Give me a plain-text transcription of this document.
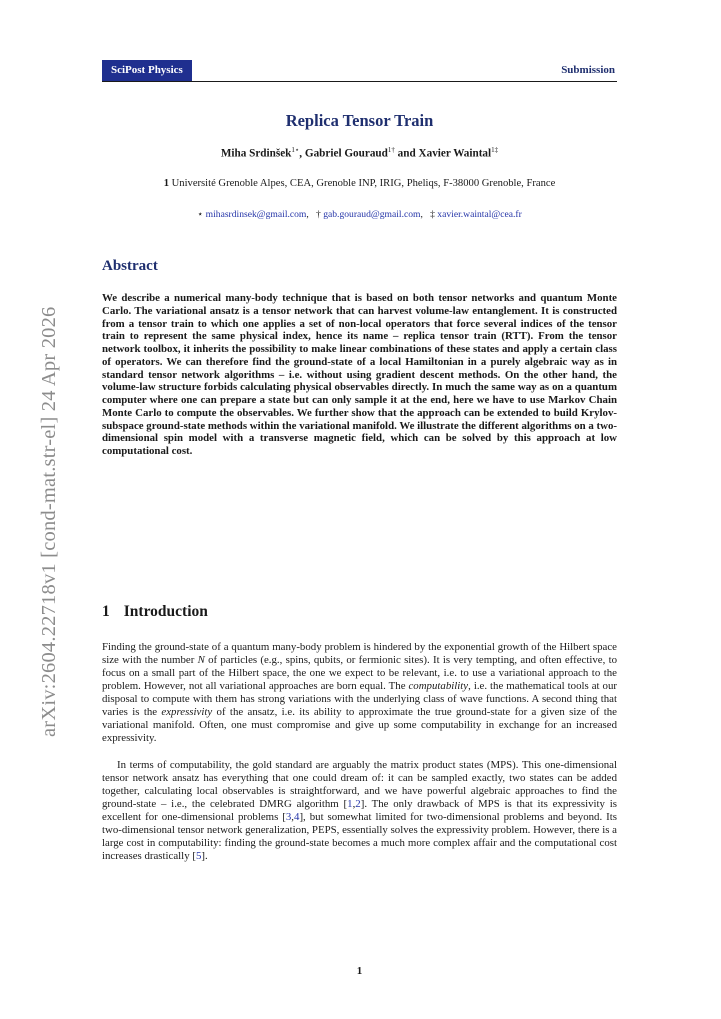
SciPost Physics	Submission
arXiv:2604.22718v1 [cond-mat.str-el] 24 Apr 2026
Replica Tensor Train
Miha Srdinšek$^{1⋆}$, Gabriel Gouraud$^{1\dagger}$ and Xavier Waintal$^{1\ddagger}$
1 Université Grenoble Alpes, CEA, Grenoble INP, IRIG, Pheliqs, F-38000 Grenoble, France
⋆ mihasrdinsek@gmail.com,   † gab.gouraud@gmail.com,   ‡ xavier.waintal@cea.fr
Abstract

We describe a numerical many-body technique that is based on both tensor networks and quantum Monte Carlo. The variational ansatz is a tensor network that can harvest volume-law entanglement. It is constructed from a tensor train to which one applies a set of non-local operators that force several indices of the tensor train to represent the same physical index, hence its name – replica tensor train (RTT). From the tensor network toolbox, it inherits the possibility to make linear combinations of these states and apply a certain class of operators. We can therefore find the ground-state of a local Hamiltonian in a purely algebraic way as in standard tensor network algorithms – i.e. without using gradient descent methods. On the other hand, the volume-law structure forbids calculating physical observables directly. In much the same way as on a quantum computer where one can prepare a state but can only sample it at the end, here we have to use Markov Chain Monte Carlo to compute the observables. We further show that the approach can be extended to build Krylov-subspace ground-state methods within the variational manifold. We illustrate the different algorithms on a two-dimensional spin model with a transverse magnetic field, which can be solved by this approach at low computational cost.

1 Introduction

Finding the ground-state of a quantum many-body problem is hindered by the exponential growth of the Hilbert space size with the number N of particles (e.g., spins, qubits, or fermionic sites). It is very tempting, and often effective, to focus on a small part of the Hilbert space, the one we expect to be relevant, i.e. to use a variational approach to the problem. However, not all variational approaches are born equal. The computability, i.e. the mathematical tools at our disposal to compute with them has strong variations with the underlying class of wave functions. A second thing that varies is the expressivity of the ansatz, i.e. its ability to approximate the true ground-state for a given size of the variational manifold. Often, one must compromise and give up some computability in exchange for an increased expressivity.

In terms of computability, the gold standard are arguably the matrix product states (MPS). This one-dimensional tensor network ansatz has everything that one could dream of: it can be sampled exactly, two states can be added together, calculating local observables is straightforward, and we have powerful algebraic approaches to find the ground-state – i.e., the celebrated DMRG algorithm [1,2]. The only drawback of MPS is that its expressivity is excellent for one-dimensional problems [3,4], but somewhat limited for two-dimensional problems and beyond. Its two-dimensional tensor network generalization, PEPS, essentially solves the expressivity problem. However, there is a large cost in computability: finding the ground-state becomes a much more complex affair and the computational cost increases drastically [5].

1
